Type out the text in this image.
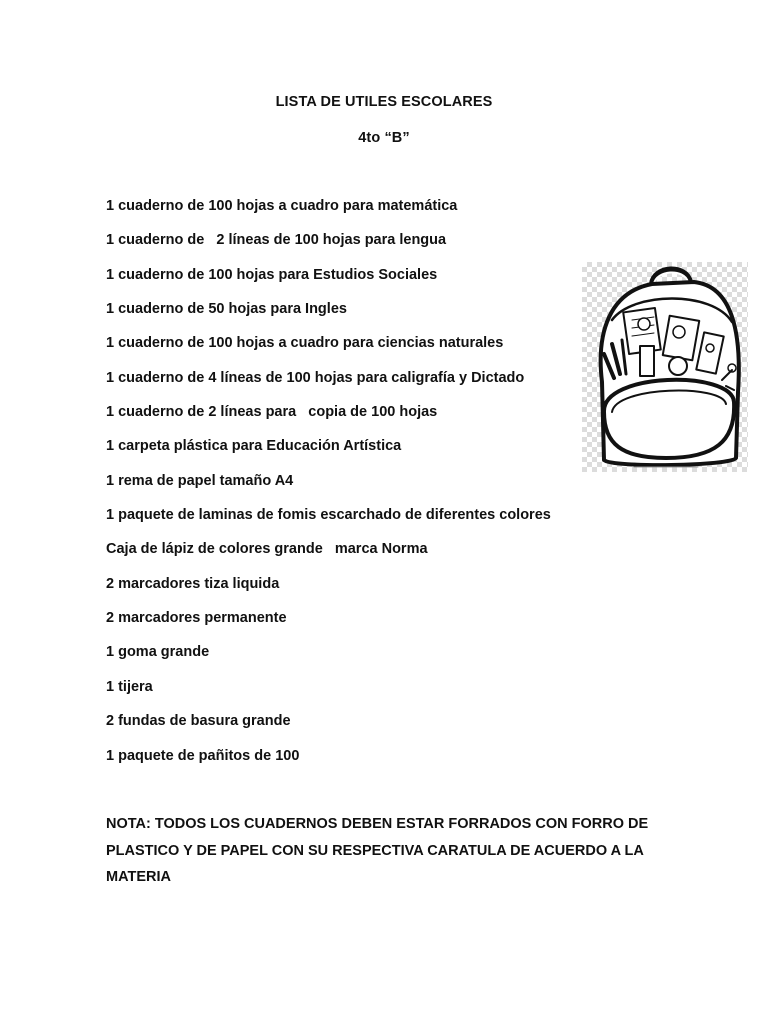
LISTA DE UTILES ESCOLARES
4to “B”
1 cuaderno de 100 hojas a cuadro para matemática
1 cuaderno de   2 líneas de 100 hojas para lengua
1 cuaderno de 100 hojas para Estudios Sociales
1 cuaderno de 50 hojas para Ingles
1 cuaderno de 100 hojas a cuadro para ciencias naturales
1 cuaderno de 4 líneas de 100 hojas para caligrafía y Dictado
1 cuaderno de 2 líneas para   copia de 100 hojas
1 carpeta plástica para Educación Artística
1 rema de papel tamaño A4
1 paquete de laminas de fomis escarchado de diferentes colores
Caja de lápiz de colores grande   marca Norma
2 marcadores tiza liquida
2 marcadores permanente
1 goma grande
1 tijera
2 fundas de basura grande
1 paquete de pañitos de 100
NOTA: TODOS LOS CUADERNOS DEBEN ESTAR FORRADOS CON FORRO DE PLASTICO Y DE PAPEL CON SU RESPECTIVA CARATULA DE ACUERDO A LA MATERIA
